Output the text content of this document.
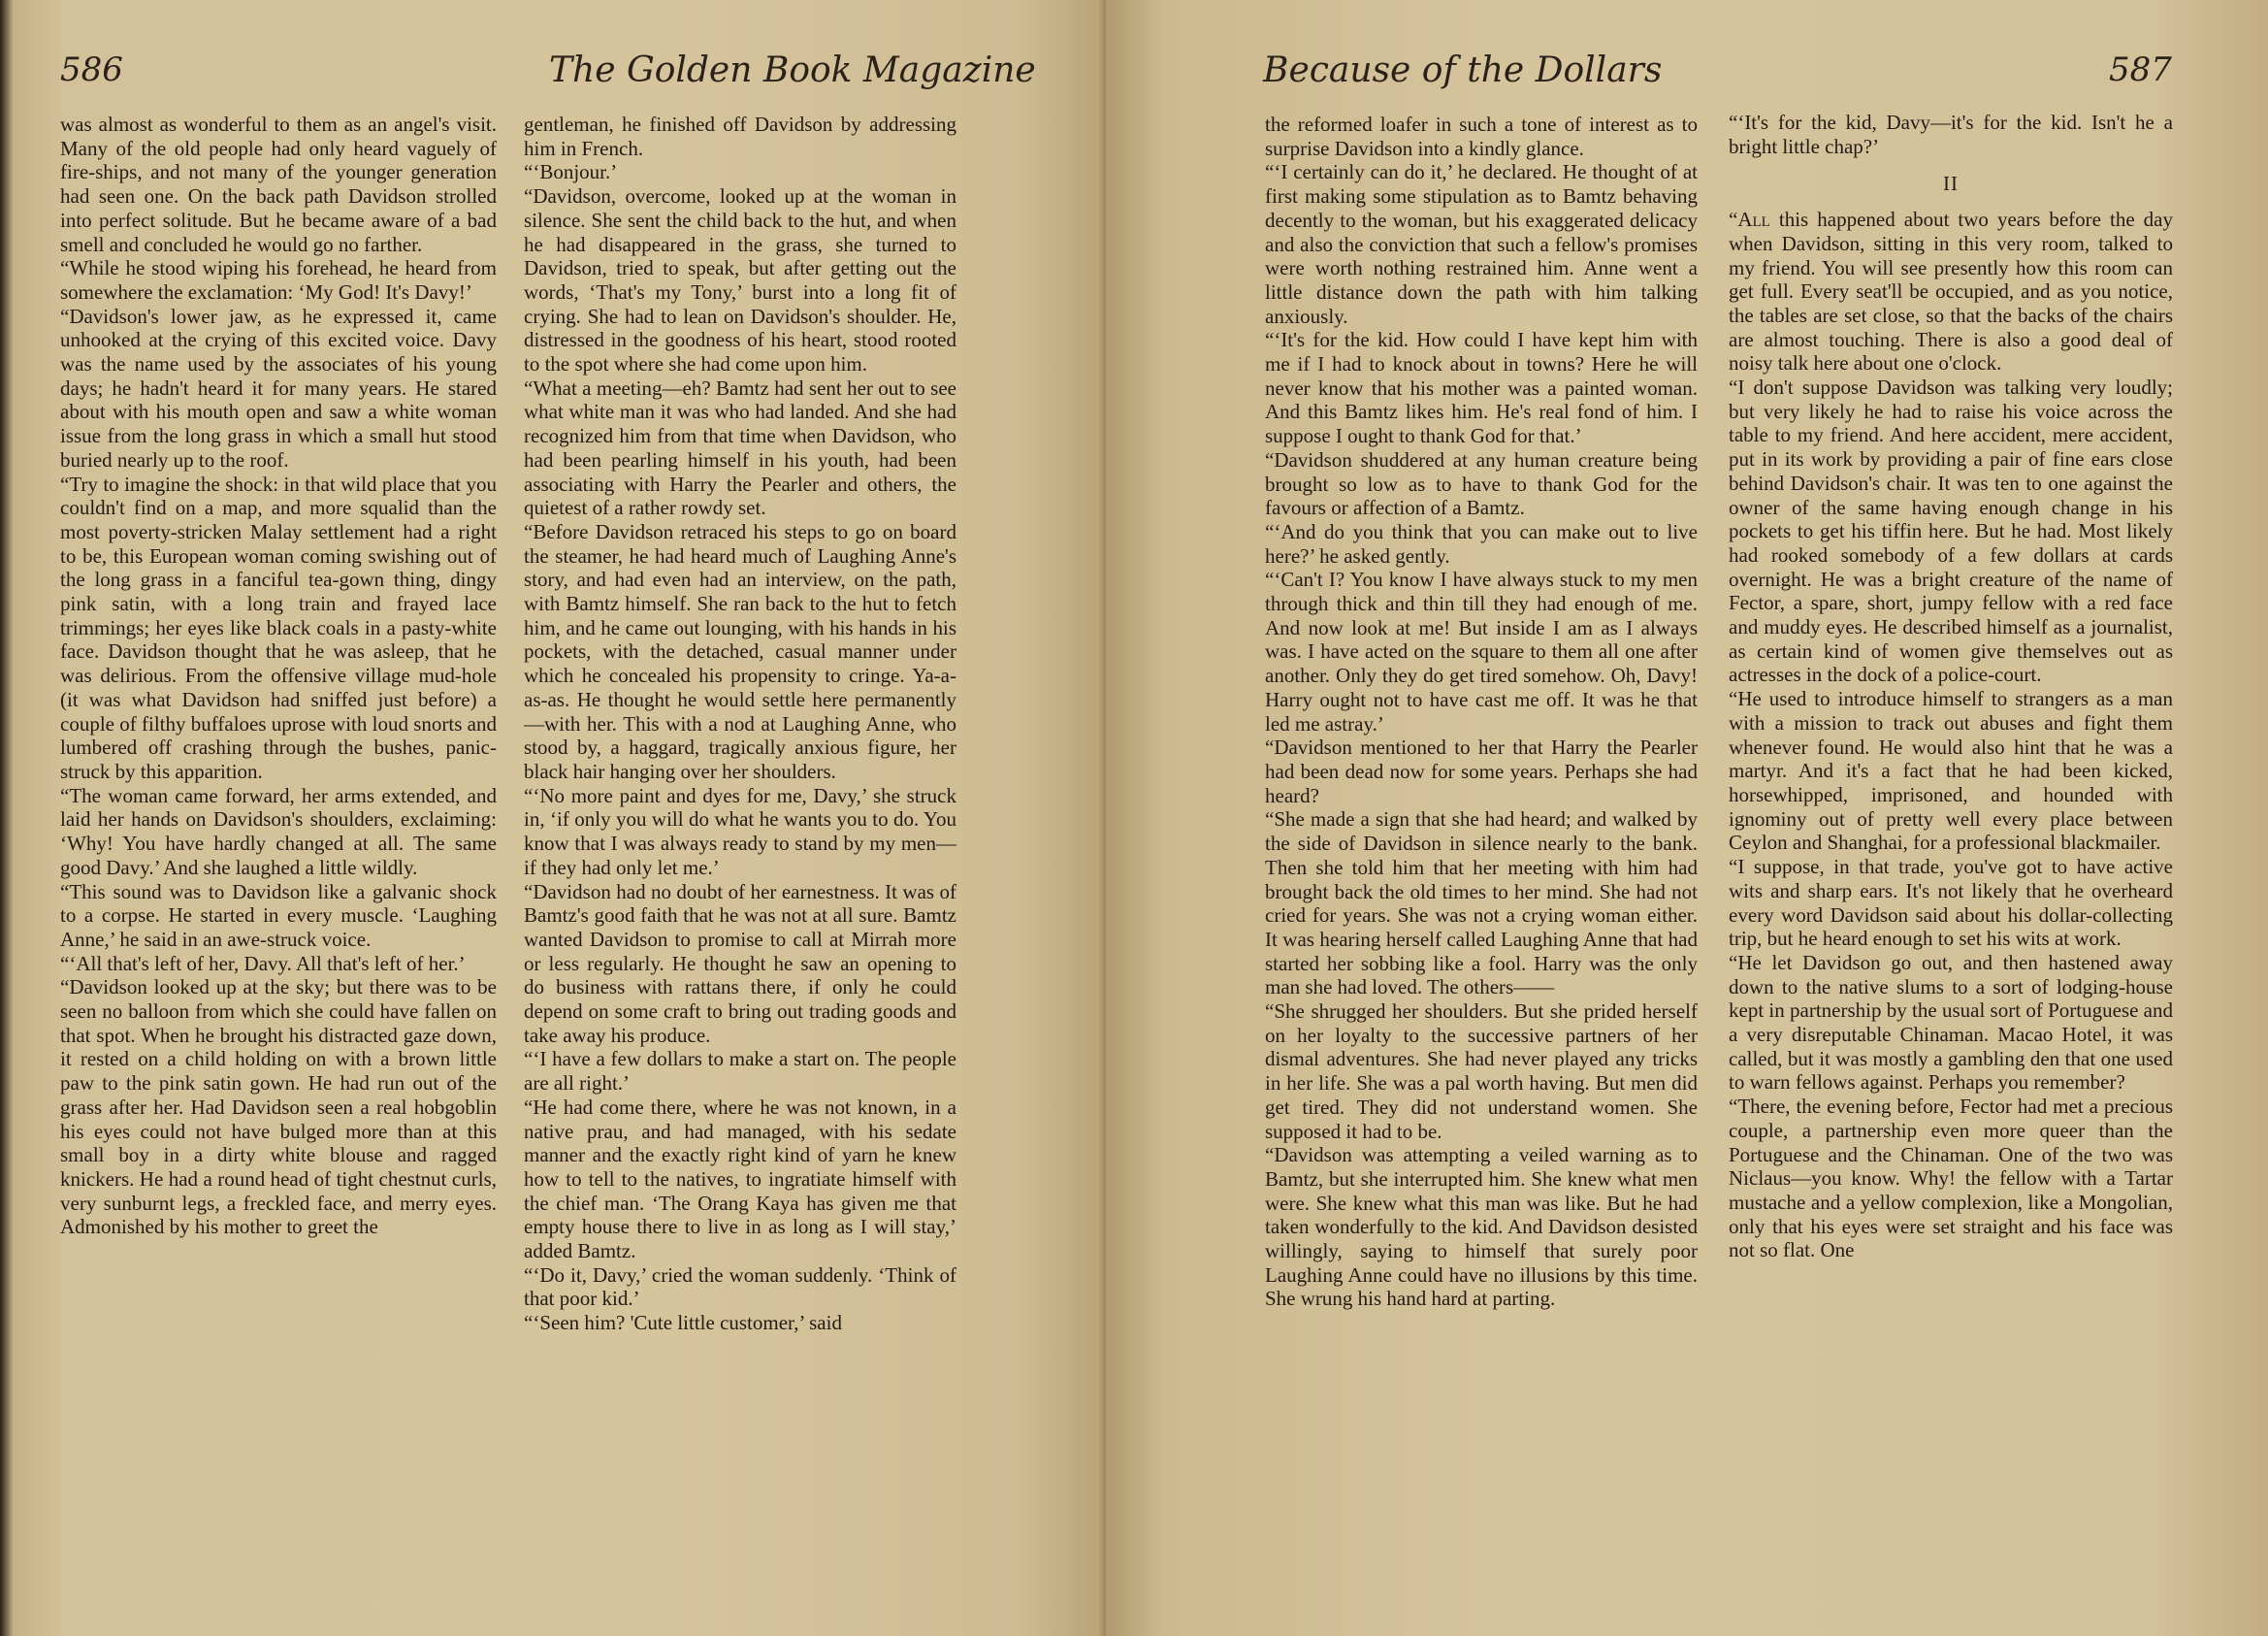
586	The Golden Book Magazine

was almost as wonderful to them as an angel's visit. Many of the old people had only heard vaguely of fire-ships, and not many of the younger generation had seen one. On the back path Davidson strolled into perfect solitude. But he became aware of a bad smell and concluded he would go no farther.

“While he stood wiping his forehead, he heard from somewhere the exclamation: ‘My God! It's Davy!’

“Davidson's lower jaw, as he expressed it, came unhooked at the crying of this excited voice. Davy was the name used by the associates of his young days; he hadn't heard it for many years. He stared about with his mouth open and saw a white woman issue from the long grass in which a small hut stood buried nearly up to the roof.

“Try to imagine the shock: in that wild place that you couldn't find on a map, and more squalid than the most poverty-stricken Malay settlement had a right to be, this European woman coming swishing out of the long grass in a fanciful tea-gown thing, dingy pink satin, with a long train and frayed lace trimmings; her eyes like black coals in a pasty-white face. Davidson thought that he was asleep, that he was delirious. From the offensive village mud-hole (it was what Davidson had sniffed just before) a couple of filthy buffaloes uprose with loud snorts and lumbered off crashing through the bushes, panic-struck by this apparition.

“The woman came forward, her arms extended, and laid her hands on Davidson's shoulders, exclaiming: ‘Why! You have hardly changed at all. The same good Davy.’ And she laughed a little wildly.

“This sound was to Davidson like a galvanic shock to a corpse. He started in every muscle. ‘Laughing Anne,’ he said in an awe-struck voice.

“‘All that's left of her, Davy. All that's left of her.’

“Davidson looked up at the sky; but there was to be seen no balloon from which she could have fallen on that spot. When he brought his distracted gaze down, it rested on a child holding on with a brown little paw to the pink satin gown. He had run out of the grass after her. Had Davidson seen a real hobgoblin his eyes could not have bulged more than at this small boy in a dirty white blouse and ragged knickers. He had a round head of tight chestnut curls, very sunburnt legs, a freckled face, and merry eyes. Admonished by his mother to greet the

gentleman, he finished off Davidson by addressing him in French.

“‘Bonjour.’

“Davidson, overcome, looked up at the woman in silence. She sent the child back to the hut, and when he had disappeared in the grass, she turned to Davidson, tried to speak, but after getting out the words, ‘That's my Tony,’ burst into a long fit of crying. She had to lean on Davidson's shoulder. He, distressed in the goodness of his heart, stood rooted to the spot where she had come upon him.

“What a meeting—eh? Bamtz had sent her out to see what white man it was who had landed. And she had recognized him from that time when Davidson, who had been pearling himself in his youth, had been associating with Harry the Pearler and others, the quietest of a rather rowdy set.

“Before Davidson retraced his steps to go on board the steamer, he had heard much of Laughing Anne's story, and had even had an interview, on the path, with Bamtz himself. She ran back to the hut to fetch him, and he came out lounging, with his hands in his pockets, with the detached, casual manner under which he concealed his propensity to cringe. Ya-a-as-as. He thought he would settle here permanently—with her. This with a nod at Laughing Anne, who stood by, a haggard, tragically anxious figure, her black hair hanging over her shoulders.

“‘No more paint and dyes for me, Davy,’ she struck in, ‘if only you will do what he wants you to do. You know that I was always ready to stand by my men—if they had only let me.’

“Davidson had no doubt of her earnestness. It was of Bamtz's good faith that he was not at all sure. Bamtz wanted Davidson to promise to call at Mirrah more or less regularly. He thought he saw an opening to do business with rattans there, if only he could depend on some craft to bring out trading goods and take away his produce.

“‘I have a few dollars to make a start on. The people are all right.’

“He had come there, where he was not known, in a native prau, and had managed, with his sedate manner and the exactly right kind of yarn he knew how to tell to the natives, to ingratiate himself with the chief man. ‘The Orang Kaya has given me that empty house there to live in as long as I will stay,’ added Bamtz.

“‘Do it, Davy,’ cried the woman suddenly. ‘Think of that poor kid.’

“‘Seen him? 'Cute little customer,’ said

Because of the Dollars	587

the reformed loafer in such a tone of interest as to surprise Davidson into a kindly glance.

“‘I certainly can do it,’ he declared. He thought of at first making some stipulation as to Bamtz behaving decently to the woman, but his exaggerated delicacy and also the conviction that such a fellow's promises were worth nothing restrained him. Anne went a little distance down the path with him talking anxiously.

“‘It's for the kid. How could I have kept him with me if I had to knock about in towns? Here he will never know that his mother was a painted woman. And this Bamtz likes him. He's real fond of him. I suppose I ought to thank God for that.’

“Davidson shuddered at any human creature being brought so low as to have to thank God for the favours or affection of a Bamtz.

“‘And do you think that you can make out to live here?’ he asked gently.

“‘Can't I? You know I have always stuck to my men through thick and thin till they had enough of me. And now look at me! But inside I am as I always was. I have acted on the square to them all one after another. Only they do get tired somehow. Oh, Davy! Harry ought not to have cast me off. It was he that led me astray.’

“Davidson mentioned to her that Harry the Pearler had been dead now for some years. Perhaps she had heard?

“She made a sign that she had heard; and walked by the side of Davidson in silence nearly to the bank. Then she told him that her meeting with him had brought back the old times to her mind. She had not cried for years. She was not a crying woman either. It was hearing herself called Laughing Anne that had started her sobbing like a fool. Harry was the only man she had loved. The others——

“She shrugged her shoulders. But she prided herself on her loyalty to the successive partners of her dismal adventures. She had never played any tricks in her life. She was a pal worth having. But men did get tired. They did not understand women. She supposed it had to be.

“Davidson was attempting a veiled warning as to Bamtz, but she interrupted him. She knew what men were. She knew what this man was like. But he had taken wonderfully to the kid. And Davidson desisted willingly, saying to himself that surely poor Laughing Anne could have no illusions by this time. She wrung his hand hard at parting.

“‘It's for the kid, Davy—it's for the kid. Isn't he a bright little chap?’

II

“All this happened about two years before the day when Davidson, sitting in this very room, talked to my friend. You will see presently how this room can get full. Every seat'll be occupied, and as you notice, the tables are set close, so that the backs of the chairs are almost touching. There is also a good deal of noisy talk here about one o'clock.

“I don't suppose Davidson was talking very loudly; but very likely he had to raise his voice across the table to my friend. And here accident, mere accident, put in its work by providing a pair of fine ears close behind Davidson's chair. It was ten to one against the owner of the same having enough change in his pockets to get his tiffin here. But he had. Most likely had rooked somebody of a few dollars at cards overnight. He was a bright creature of the name of Fector, a spare, short, jumpy fellow with a red face and muddy eyes. He described himself as a journalist, as certain kind of women give themselves out as actresses in the dock of a police-court.

“He used to introduce himself to strangers as a man with a mission to track out abuses and fight them whenever found. He would also hint that he was a martyr. And it's a fact that he had been kicked, horsewhipped, imprisoned, and hounded with ignominy out of pretty well every place between Ceylon and Shanghai, for a professional blackmailer.

“I suppose, in that trade, you've got to have active wits and sharp ears. It's not likely that he overheard every word Davidson said about his dollar-collecting trip, but he heard enough to set his wits at work.

“He let Davidson go out, and then hastened away down to the native slums to a sort of lodging-house kept in partnership by the usual sort of Portuguese and a very disreputable Chinaman. Macao Hotel, it was called, but it was mostly a gambling den that one used to warn fellows against. Perhaps you remember?

“There, the evening before, Fector had met a precious couple, a partnership even more queer than the Portuguese and the Chinaman. One of the two was Niclaus—you know. Why! the fellow with a Tartar mustache and a yellow complexion, like a Mongolian, only that his eyes were set straight and his face was not so flat. One
